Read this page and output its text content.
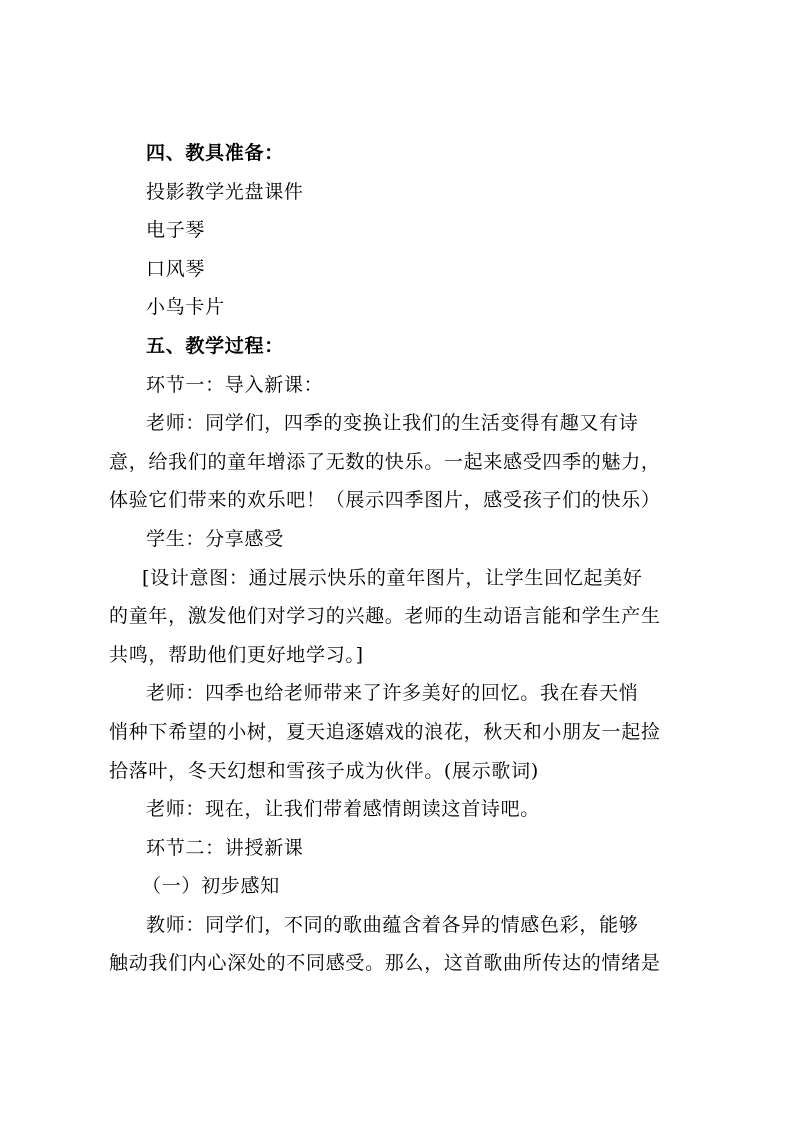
四、教具准备：
投影教学光盘课件
电子琴
口风琴
小鸟卡片
五、教学过程：
环节一：导入新课：
老师：同学们，四季的变换让我们的生活变得有趣又有诗
意，给我们的童年增添了无数的快乐。一起来感受四季的魅力，
体验它们带来的欢乐吧！（展示四季图片，感受孩子们的快乐）
学生：分享感受
[设计意图：通过展示快乐的童年图片，让学生回忆起美好
的童年，激发他们对学习的兴趣。老师的生动语言能和学生产生
共鸣，帮助他们更好地学习。]
老师：四季也给老师带来了许多美好的回忆。我在春天悄
悄种下希望的小树，夏天追逐嬉戏的浪花，秋天和小朋友一起捡
拾落叶，冬天幻想和雪孩子成为伙伴。(展示歌词)
老师：现在，让我们带着感情朗读这首诗吧。
环节二：讲授新课
（一）初步感知
教师：同学们，不同的歌曲蕴含着各异的情感色彩，能够
触动我们内心深处的不同感受。那么，这首歌曲所传达的情绪是
